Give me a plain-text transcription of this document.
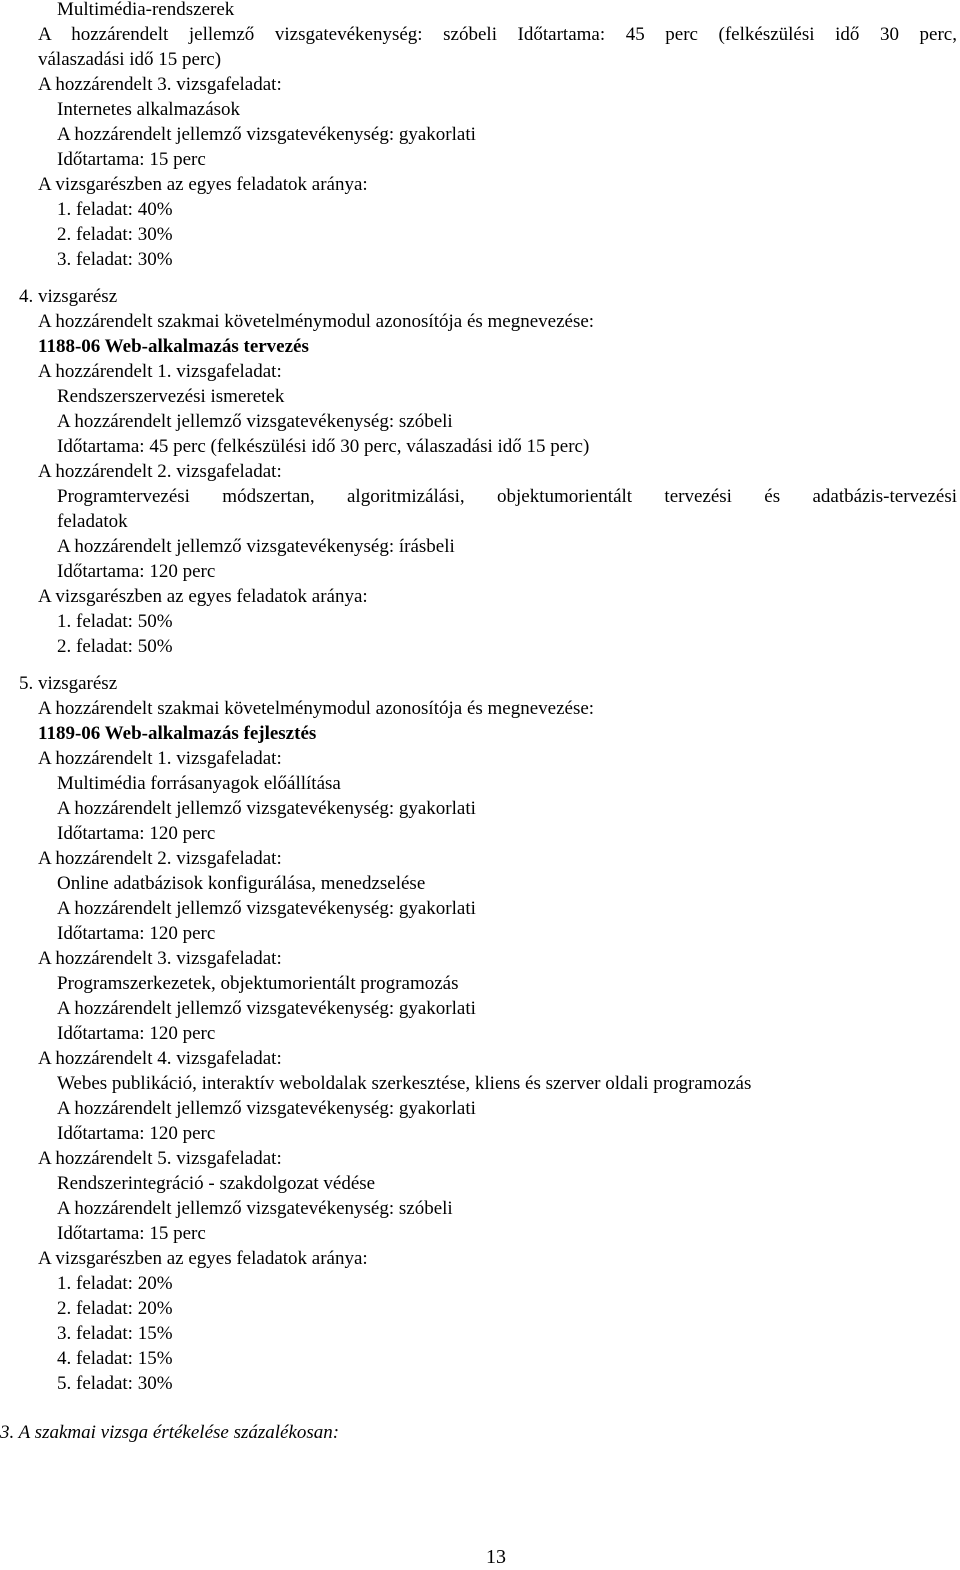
Multimédia-rendszerek
A hozzárendelt jellemző vizsgatevékenység: szóbeli Időtartama: 45 perc (felkészülési idő 30 perc,
válaszadási idő 15 perc)
A hozzárendelt 3. vizsgafeladat:
Internetes alkalmazások
A hozzárendelt jellemző vizsgatevékenység: gyakorlati
Időtartama: 15 perc
A vizsgarészben az egyes feladatok aránya:
1. feladat: 40%
2. feladat: 30%
3. feladat: 30%
4. vizsgarész
A hozzárendelt szakmai követelménymodul azonosítója és megnevezése:
1188-06 Web-alkalmazás tervezés
A hozzárendelt 1. vizsgafeladat:
Rendszerszervezési ismeretek
A hozzárendelt jellemző vizsgatevékenység: szóbeli
Időtartama: 45 perc (felkészülési idő 30 perc, válaszadási idő 15 perc)
A hozzárendelt 2. vizsgafeladat:
Programtervezési módszertan, algoritmizálási, objektumorientált tervezési és adatbázis-tervezési
feladatok
A hozzárendelt jellemző vizsgatevékenység: írásbeli
Időtartama: 120 perc
A vizsgarészben az egyes feladatok aránya:
1. feladat: 50%
2. feladat: 50%
5. vizsgarész
A hozzárendelt szakmai követelménymodul azonosítója és megnevezése:
1189-06 Web-alkalmazás fejlesztés
A hozzárendelt 1. vizsgafeladat:
Multimédia forrásanyagok előállítása
A hozzárendelt jellemző vizsgatevékenység: gyakorlati
Időtartama: 120 perc
A hozzárendelt 2. vizsgafeladat:
Online adatbázisok konfigurálása, menedzselése
A hozzárendelt jellemző vizsgatevékenység: gyakorlati
Időtartama: 120 perc
A hozzárendelt 3. vizsgafeladat:
Programszerkezetek, objektumorientált programozás
A hozzárendelt jellemző vizsgatevékenység: gyakorlati
Időtartama: 120 perc
A hozzárendelt 4. vizsgafeladat:
Webes publikáció, interaktív weboldalak szerkesztése, kliens és szerver oldali programozás
A hozzárendelt jellemző vizsgatevékenység: gyakorlati
Időtartama: 120 perc
A hozzárendelt 5. vizsgafeladat:
Rendszerintegráció - szakdolgozat védése
A hozzárendelt jellemző vizsgatevékenység: szóbeli
Időtartama: 15 perc
A vizsgarészben az egyes feladatok aránya:
1. feladat: 20%
2. feladat: 20%
3. feladat: 15%
4. feladat: 15%
5. feladat: 30%
3. A szakmai vizsga értékelése százalékosan:
13
